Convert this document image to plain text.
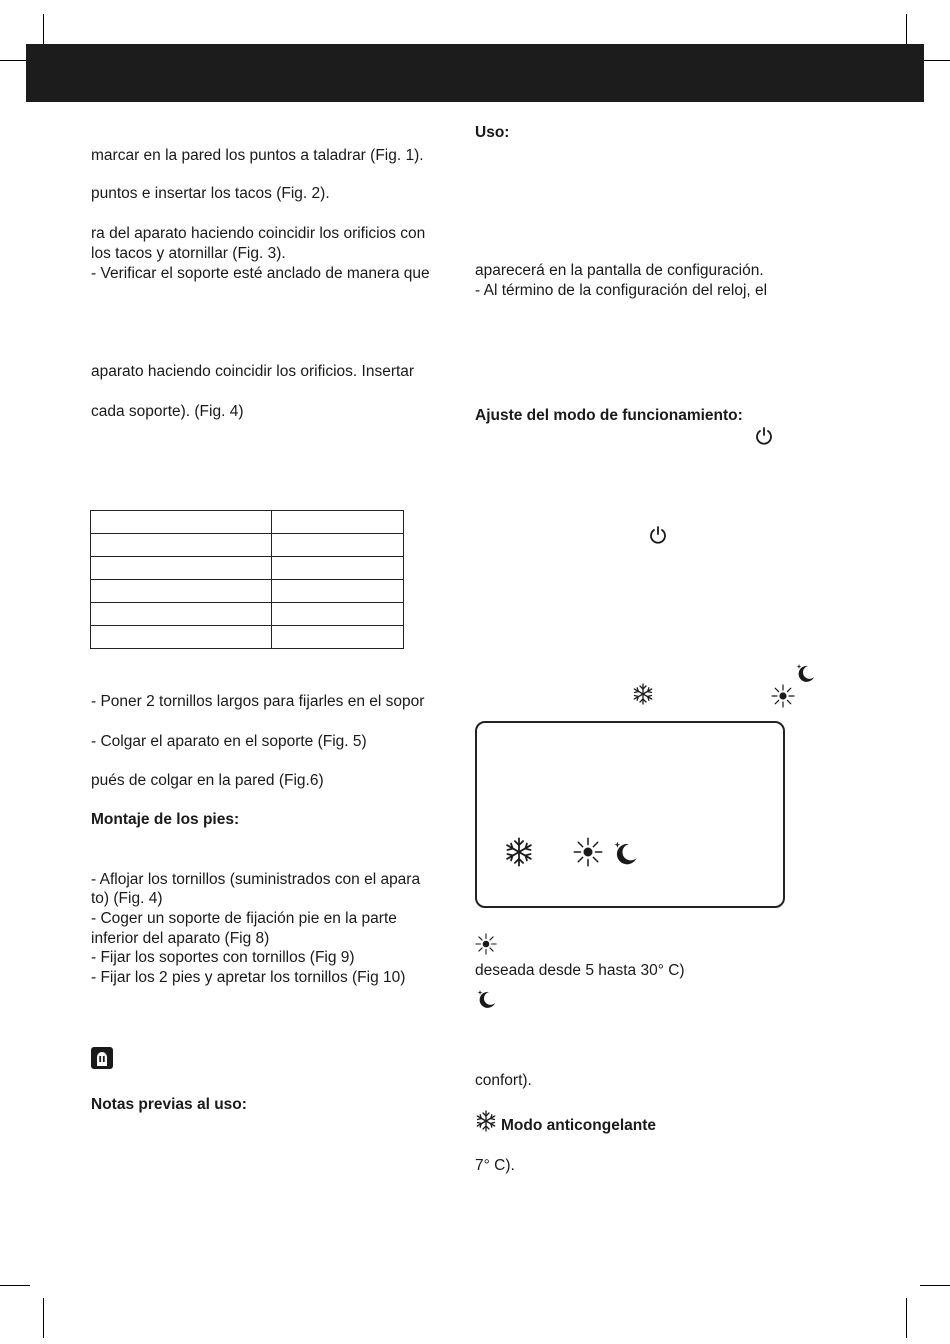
marcar en la pared los puntos a taladrar (Fig. 1).
puntos e insertar los tacos (Fig. 2).
ra del aparato haciendo coincidir los orificios con
los tacos y atornillar (Fig. 3).
- Verificar el soporte esté anclado de manera que
aparato haciendo coincidir los orificios. Insertar
cada soporte). (Fig. 4)

- Poner 2 tornillos largos para fijarles en el sopor
- Colgar el aparato en el soporte (Fig. 5)
pués de colgar en la pared (Fig.6)
Montaje de los pies:
- Aflojar los tornillos (suministrados con el apara
to) (Fig. 4)
- Coger un soporte de fijación pie en la parte
inferior del aparato (Fig 8)
- Fijar los soportes con tornillos (Fig 9)
- Fijar los 2 pies y apretar los tornillos (Fig 10)
Notas previas al uso:
Uso:
aparecerá en la pantalla de configuración.
- Al término de la configuración del reloj, el
Ajuste del modo de funcionamiento:
deseada desde 5 hasta 30° C)
confort).
Modo anticongelante
7° C).
